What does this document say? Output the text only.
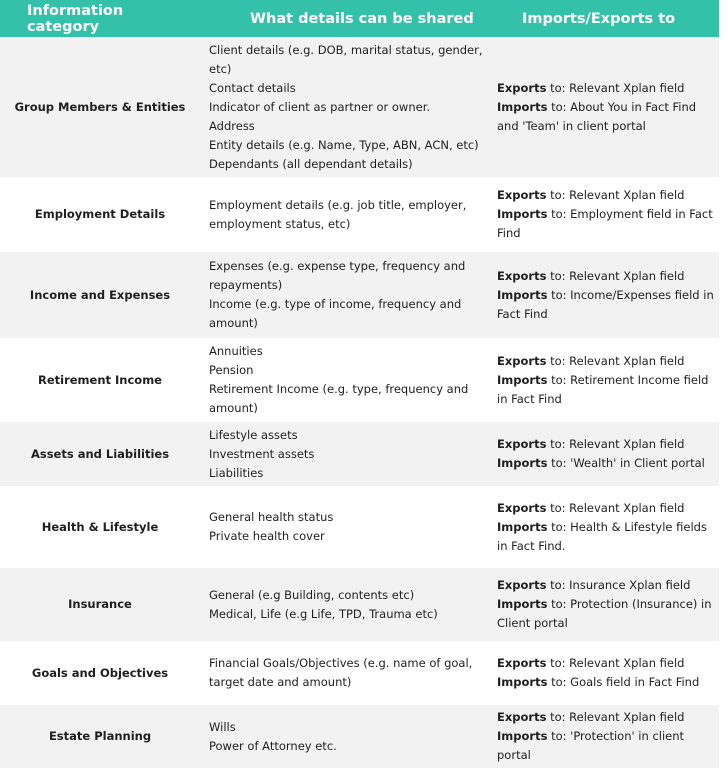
Information category	What details can be shared	Imports/Exports to
Group Members & Entities
Client details (e.g. DOB, marital status, gender, etc)
Contact details
Indicator of client as partner or owner.
Address
Entity details (e.g. Name, Type, ABN, ACN, etc)
Dependants (all dependant details)
Exports to: Relevant Xplan field
Imports to: About You in Fact Find and 'Team' in client portal
Employment Details
Employment details (e.g. job title, employer, employment status, etc)
Exports to: Relevant Xplan field
Imports to: Employment field in Fact Find
Income and Expenses
Expenses (e.g. expense type, frequency and repayments)
Income (e.g. type of income, frequency and amount)
Exports to: Relevant Xplan field
Imports to: Income/Expenses field in Fact Find
Retirement Income
Annuities
Pension
Retirement Income (e.g. type, frequency and amount)
Exports to: Relevant Xplan field
Imports to: Retirement Income field in Fact Find
Assets and Liabilities
Lifestyle assets
Investment assets
Liabilities
Exports to: Relevant Xplan field
Imports to: 'Wealth' in Client portal
Health & Lifestyle
General health status
Private health cover
Exports to: Relevant Xplan field
Imports to: Health & Lifestyle fields in Fact Find.
Insurance
General (e.g Building, contents etc)
Medical, Life (e.g Life, TPD, Trauma etc)
Exports to: Insurance Xplan field
Imports to: Protection (Insurance) in Client portal
Goals and Objectives
Financial Goals/Objectives (e.g. name of goal, target date and amount)
Exports to: Relevant Xplan field
Imports to: Goals field in Fact Find
Estate Planning
Wills
Power of Attorney etc.
Exports to: Relevant Xplan field
Imports to: 'Protection' in client portal
